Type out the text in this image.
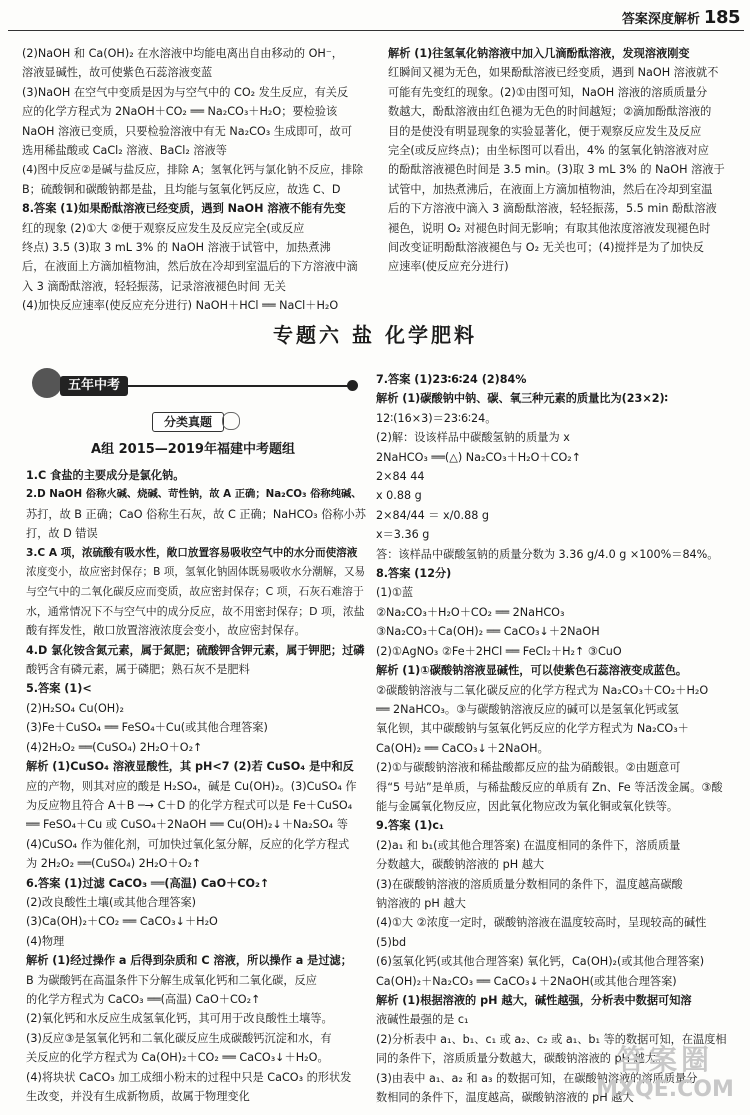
答案深度解析 185

(2)NaOH 和 Ca(OH)₂ 在水溶液中均能电离出自由移动的 OH⁻，

溶液显碱性，故可使紫色石蕊溶液变蓝

(3)NaOH 在空气中变质是因为与空气中的 CO₂ 发生反应，有关反

应的化学方程式为 2NaOH＋CO₂ ══ Na₂CO₃＋H₂O；要检验该

NaOH 溶液已变质，只要检验溶液中有无 Na₂CO₃ 生成即可，故可

选用稀盐酸或 CaCl₂ 溶液、BaCl₂ 溶液等

(4)图中反应②是碱与盐反应，排除 A；氢氧化钙与氯化钠不反应，排除

B；硫酸铜和碳酸钠都是盐，且均能与氢氧化钙反应，故选 C、D

8.答案 (1)如果酚酞溶液已经变质，遇到 NaOH 溶液不能有先变

红的现象 (2)①大 ②便于观察反应发生及反应完全(或反应

终点) 3.5 (3)取 3 mL 3% 的 NaOH 溶液于试管中，加热煮沸

后，在液面上方滴加植物油，然后放在冷却到室温后的下方溶液中滴

入 3 滴酚酞溶液，轻轻振荡，记录溶液褪色时间 无关

(4)加快反应速率(使反应充分进行) NaOH＋HCl ══ NaCl＋H₂O

解析 (1)往氢氧化钠溶液中加入几滴酚酞溶液，发现溶液刚变

红瞬间又褪为无色，如果酚酞溶液已经变质，遇到 NaOH 溶液就不

可能有先变红的现象。(2)①由图可知，NaOH 溶液的溶质质量分

数越大，酚酞溶液由红色褪为无色的时间越短；②滴加酚酞溶液的

目的是使没有明显现象的实验显著化，便于观察反应发生及反应

完全(或反应终点)；由坐标图可以看出，4% 的氢氧化钠溶液对应

的酚酞溶液褪色时间是 3.5 min。(3)取 3 mL 3% 的 NaOH 溶液于

试管中，加热煮沸后，在液面上方滴加植物油，然后在冷却到室温

后的下方溶液中滴入 3 滴酚酞溶液，轻轻振荡，5.5 min 酚酞溶液

褪色，说明 O₂ 对褪色时间无影响；有取其他浓度溶液发现褪色时

间改变证明酚酞溶液褪色与 O₂ 无关也可；(4)搅拌是为了加快反

应速率(使反应充分进行)

专题六 盐 化学肥料
五年中考
分类真题
A组 2015—2019年福建中考题组

1.C 食盐的主要成分是氯化钠。

2.D NaOH 俗称火碱、烧碱、苛性钠，故 A 正确；Na₂CO₃ 俗称纯碱、

苏打，故 B 正确；CaO 俗称生石灰，故 C 正确；NaHCO₃ 俗称小苏

打，故 D 错误

3.C A 项，浓硫酸有吸水性，敞口放置容易吸收空气中的水分而使溶液

浓度变小，故应密封保存；B 项，氢氧化钠固体既易吸收水分潮解，又易

与空气中的二氧化碳反应而变质，故应密封保存；C 项，石灰石难溶于

水，通常情况下不与空气中的成分反应，故不用密封保存；D 项，浓盐

酸有挥发性，敞口放置溶液浓度会变小，故应密封保存。

4.D 氯化铵含氮元素，属于氮肥；硫酸钾含钾元素，属于钾肥；过磷

酸钙含有磷元素，属于磷肥；熟石灰不是肥料

5.答案 (1)<

(2)H₂SO₄ Cu(OH)₂

(3)Fe＋CuSO₄ ══ FeSO₄＋Cu(或其他合理答案)

(4)2H₂O₂ ══(CuSO₄) 2H₂O＋O₂↑

解析 (1)CuSO₄ 溶液显酸性，其 pH<7 (2)若 CuSO₄ 是中和反

应的产物，则其对应的酸是 H₂SO₄，碱是 Cu(OH)₂。(3)CuSO₄ 作

为反应物且符合 A＋B ─→ C＋D 的化学方程式可以是 Fe＋CuSO₄

══ FeSO₄＋Cu 或 CuSO₄＋2NaOH ══ Cu(OH)₂↓＋Na₂SO₄ 等

(4)CuSO₄ 作为催化剂，可加快过氧化氢分解，反应的化学方程式

为 2H₂O₂ ══(CuSO₄) 2H₂O＋O₂↑

6.答案 (1)过滤 CaCO₃ ══(高温) CaO＋CO₂↑

(2)改良酸性土壤(或其他合理答案)

(3)Ca(OH)₂＋CO₂ ══ CaCO₃↓＋H₂O

(4)物理

解析 (1)经过操作 a 后得到杂质和 C 溶液，所以操作 a 是过滤；

B 为碳酸钙在高温条件下分解生成氧化钙和二氧化碳，反应

的化学方程式为 CaCO₃ ══(高温) CaO＋CO₂↑

(2)氧化钙和水反应生成氢氧化钙，其可用于改良酸性土壤等。

(3)反应③是氢氧化钙和二氧化碳反应生成碳酸钙沉淀和水，有

关反应的化学方程式为 Ca(OH)₂＋CO₂ ══ CaCO₃↓＋H₂O。

(4)将块状 CaCO₃ 加工成细小粉末的过程中只是 CaCO₃ 的形状发

生改变，并没有生成新物质，故属于物理变化

7.答案 (1)23∶6∶24 (2)84%

解析 (1)碳酸钠中钠、碳、氧三种元素的质量比为(23×2)∶

12∶(16×3)＝23∶6∶24。

(2)解：设该样品中碳酸氢钠的质量为 x

2NaHCO₃ ══(△) Na₂CO₃＋H₂O＋CO₂↑

2×84 44

x 0.88 g

2×84/44 ＝ x/0.88 g

x＝3.36 g

答：该样品中碳酸氢钠的质量分数为 3.36 g/4.0 g ×100%＝84%。

8.答案 (12分)

(1)①蓝

②Na₂CO₃＋H₂O＋CO₂ ══ 2NaHCO₃

③Na₂CO₃＋Ca(OH)₂ ══ CaCO₃↓＋2NaOH

(2)①AgNO₃ ②Fe＋2HCl ══ FeCl₂＋H₂↑ ③CuO

解析 (1)①碳酸钠溶液显碱性，可以使紫色石蕊溶液变成蓝色。

②碳酸钠溶液与二氧化碳反应的化学方程式为 Na₂CO₃＋CO₂＋H₂O

══ 2NaHCO₃。③与碳酸钠溶液反应的碱可以是氢氧化钙或氢

氧化钡，其中碳酸钠与氢氧化钙反应的化学方程式为 Na₂CO₃＋

Ca(OH)₂ ══ CaCO₃↓＋2NaOH。

(2)①与碳酸钠溶液和稀盐酸都反应的盐为硝酸银。②由题意可

得“5 号站”是单质，与稀盐酸反应的单质有 Zn、Fe 等活泼金属。③酸

能与金属氧化物反应，因此氧化物应改为氧化铜或氧化铁等。

9.答案 (1)c₁

(2)a₁ 和 b₁(或其他合理答案) 在温度相同的条件下，溶质质量

分数越大，碳酸钠溶液的 pH 越大

(3)在碳酸钠溶液的溶质质量分数相同的条件下，温度越高碳酸

钠溶液的 pH 越大

(4)①大 ②浓度一定时，碳酸钠溶液在温度较高时，呈现较高的碱性

(5)bd

(6)氢氧化钙(或其他合理答案) 氧化钙，Ca(OH)₂(或其他合理答案)

Ca(OH)₂＋Na₂CO₃ ══ CaCO₃↓＋2NaOH(或其他合理答案)

解析 (1)根据溶液的 pH 越大，碱性越强，分析表中数据可知溶

液碱性最强的是 c₁

(2)分析表中 a₁、b₁、c₁ 或 a₂、c₂ 或 a₁、b₁ 等的数据可知，在温度相

同的条件下，溶质质量分数越大，碳酸钠溶液的 pH 越大。

(3)由表中 a₁、a₂ 和 a₃ 的数据可知，在碳酸钠溶液的溶质质量分

数相同的条件下，温度越高，碳酸钠溶液的 pH 越大

答案圈
MXQE.COM
